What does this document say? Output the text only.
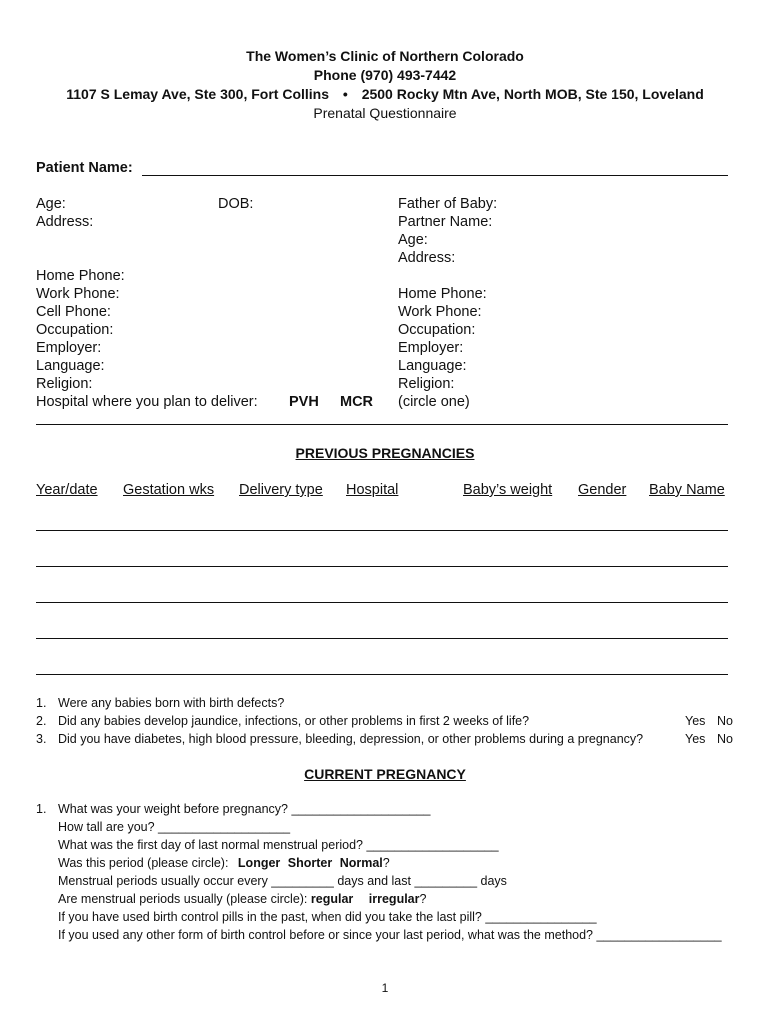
The Women’s Clinic of Northern Colorado
Phone (970) 493-7442
1107 S Lemay Ave, Ste 300, Fort Collins • 2500 Rocky Mtn Ave, North MOB, Ste 150, Loveland
Prenatal Questionnaire
Patient Name:
Age:
Address:
Home Phone:
Work Phone:
Cell Phone:
Occupation:
Employer:
Language:
Religion:
Hospital where you plan to deliver:
DOB:
PVH MCR
Father of Baby:
Partner Name:
Age:
Address:
Home Phone:
Work Phone:
Occupation:
Employer:
Language:
Religion:
(circle one)
PREVIOUS PREGNANCIES
Year/date Gestation wks Delivery type Hospital	Baby’s weight Gender Baby Name
1. Were any babies born with birth defects?
2. Did any babies develop jaundice, infections, or other problems in first 2 weeks of life?
3. Did you have diabetes, high blood pressure, bleeding, depression, or other problems during a pregnancy?
Yes No
Yes No
CURRENT PREGNANCY
1. What was your weight before pregnancy? ____________________
How tall are you? ___________________
What was the first day of last normal menstrual period? ___________________
Was this period (please circle): Longer Shorter Normal?
Menstrual periods usually occur every _________ days and last _________ days
Are menstrual periods usually (please circle): regular irregular?
If you have used birth control pills in the past, when did you take the last pill? ________________
If you used any other form of birth control before or since your last period, what was the method? __________________
1
